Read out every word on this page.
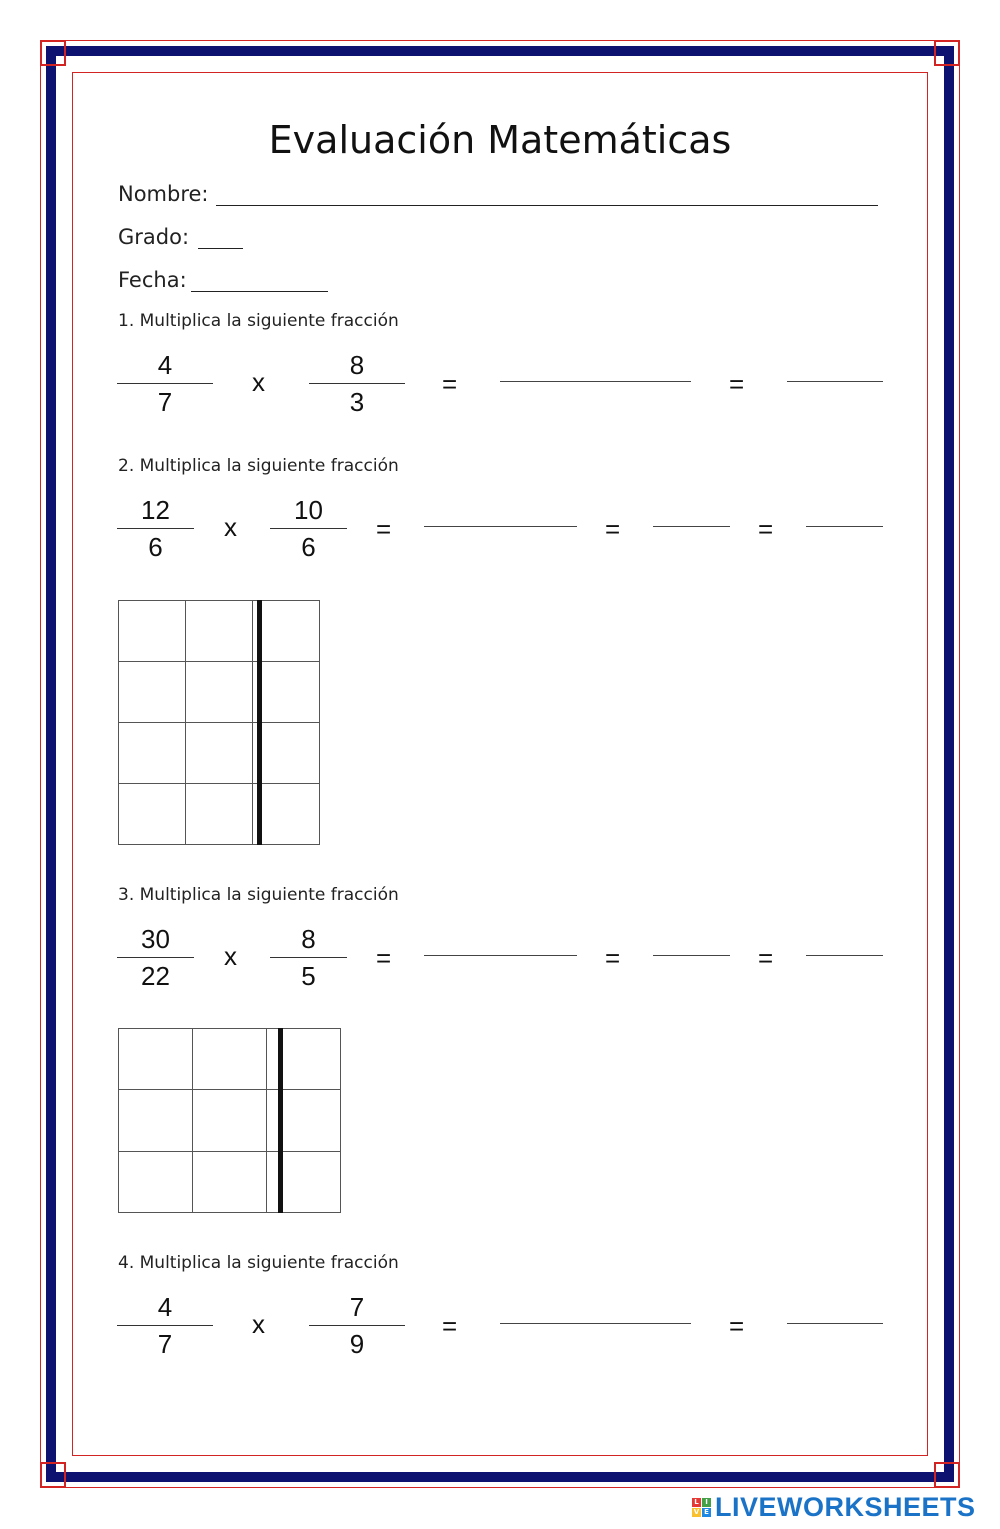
Evaluación Matemáticas
Nombre:
Grado:
Fecha:
1. Multiplica la siguiente fracción
4
7
x
8
3
=	=
2. Multiplica la siguiente fracción
12
6
x
10
6
=	=	=

3. Multiplica la siguiente fracción
30
22
x
8
5
=	=	=

4. Multiplica la siguiente fracción
4
7
x
7
9
=	=
L I
V E LIVEWORKSHEETS
